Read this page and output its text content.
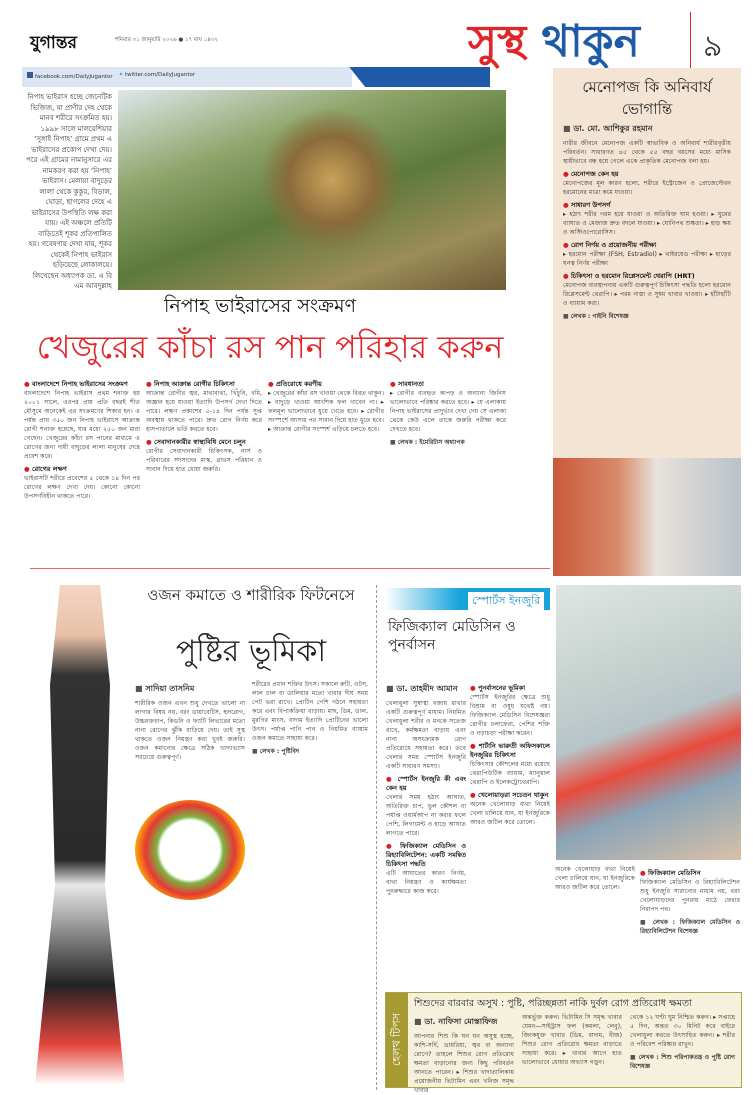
যুগান্তর	শনিবার ৩১ জানুয়ারি ২০২৬ ● ১৭ মাঘ ১৪৩২
facebook.com/DailyJugantor ✦ twitter.com/DailyJugantor
সুস্থ থাকুন ৯
নিপাহ ভাইরাস হচ্ছে জেনেটিক ভিজিজ, যা প্রাণীর দেহ থেকে মানব শরীরে সংক্রমিত হয়। ১৯৯৮ সালে মালয়েশিয়ার ‘সুঙ্গাই নিপাহ’ গ্রামে প্রথম এ ভাইরাসের প্রকোপ দেখা দেয়। পরে এই গ্রামের নামানুসারে এর নামকরণ করা হয় ‘নিপাহ’ ভাইরাস। মেলায়া বাদুড়ের লালা থেকে কুকুর, বিড়াল, ঘোড়া, ছাগলের দেহে এ ভাইরাসের উপস্থিতি লক্ষ করা যায়। এই অঞ্চলে প্রতিটি বাড়িতেই শূকর প্রতিপালিত হয়। গবেষণায় দেখা যায়, শূকর থেকেই নিপাহ ভাইরাস ছড়িয়েছে লোকালয়ে। লিখেছেন অধ্যাপক ডা. এ বি এম আবদুল্লাহ
নিপাহ ভাইরাসের সংক্রমণ
খেজুরের কাঁচা রস পান পরিহার করুন
● বাংলাদেশে নিপাহ ভাইরাসের সংক্রমণ

বাংলাদেশে নিপাহ ভাইরাস প্রথম শনাক্ত হয় ২০০১ সালে, এরপর প্রায় প্রতি বছরই শীত মৌসুমে অনেকেই এর সংক্রমণের শিকার হন। এ পর্যন্ত প্রায় ৩৫০ জন নিপাহ ভাইরাসে আক্রান্ত রোগী শনাক্ত হয়েছে, যার মধ্যে ২৫০ জন মারা গেছেন। খেজুরের কাঁচা রস পানের মাধ্যমে এ রোগের জন্য দায়ী বাদুড়ের লালা মানুষের দেহে প্রবেশ করে।

● রোগের লক্ষণ

ভাইরাসটি শরীরে প্রবেশের ৫ থেকে ১৪ দিন পর রোগের লক্ষণ দেখা দেয়। কোনো কোনো উপসর্গবিহীন থাকতে পারে।

● নিপাহ আক্রান্ত রোগীর চিকিৎসা

আক্রান্ত রোগীর জ্বর, মাথাব্যথা, খিঁচুনি, বমি, অজ্ঞান হয়ে যাওয়া ইত্যাদি উপসর্গ দেখা দিতে পারে। লক্ষণ প্রকাশের ৫-১৪ দিন পর্যন্ত সুপ্ত অবস্থায় থাকতে পারে। দ্রুত রোগ নির্ণয় করে হাসপাতালে ভর্তি করতে হবে।

● সেবাদানকারীর স্বাস্থ্যবিধি মেনে চলুন

রোগীর সেবাদানকারী চিকিৎসক, নার্স ও পরিবারের সদস্যদের মাস্ক, গ্লাভস পরিধান ও সাবান দিয়ে হাত ধোয়া জরুরি।

● প্রতিরোধে করণীয়

▸ খেজুরের কাঁচা রস খাওয়া থেকে বিরত থাকুন। ▸ বাদুড়ে খাওয়া আংশিক ফল খাবেন না। ▸ ফলমূল ভালোভাবে ধুয়ে খেতে হবে। ▸ রোগীর সংস্পর্শে আসার পর সাবান দিয়ে হাত ধুতে হবে। ▸ আক্রান্ত রোগীর সংস্পর্শ এড়িয়ে চলতে হবে।

● সাবধানতা

▸ রোগীর ব্যবহৃত কাপড় ও অন্যান্য জিনিস ভালোভাবে পরিষ্কার করতে হবে। ▸ যে এলাকায় নিপাহ ভাইরাসের প্রাদুর্ভাব দেখা দেয় সে এলাকা থেকে কেউ এলে তাকে জরুরি পরীক্ষা করে দেখতে হবে।

■ লেখক : ইমেরিটাস অধ্যাপক

মেনোপজ কি অনিবার্য ভোগান্তি
■ ডা. মো. আশিকুর রহমান

নারীর জীবনে মেনোপজ একটি স্বাভাবিক ও অনিবার্য শারীরবৃত্তীয় পরিবর্তন। সাধারণত ৪৫ থেকে ৫৫ বছর বয়সের মধ্যে মাসিক স্থায়ীভাবে বন্ধ হয়ে গেলে একে প্রাকৃতিক মেনোপজ বলা হয়।

● মেনোপজ কেন হয়

মেনোপজের মূল কারণ হলো, শরীরে ইস্ট্রোজেন ও প্রোজেস্টেরন হরমোনের মাত্রা কমে যাওয়া।

● সাধারণ উপসর্গ

▸ হঠাৎ শরীর গরম হয়ে যাওয়া ও অতিরিক্ত ঘাম হওয়া। ▸ ঘুমের ব্যাঘাত ও মেজাজ দ্রুত বদলে যাওয়া। ▸ যোনিপথ শুষ্কতা। ▸ হাড় ক্ষয় ও অস্টিওপোরোসিস।

● রোগ নির্ণয় ও প্রয়োজনীয় পরীক্ষা

▸ হরমোন পরীক্ষা (FSH, Estradiol) ▸ থাইরয়েড পরীক্ষা ▸ হাড়ের ঘনত্ব নির্ণয় পরীক্ষা

● চিকিৎসা ও হরমোন রিপ্লেসমেন্ট থেরাপি (HRT)

মেনোপজ ব্যবস্থাপনায় একটি গুরুত্বপূর্ণ চিকিৎসা পদ্ধতি হলো হরমোন রিপ্লেসমেন্ট থেরাপি। ▸ পরম নাস্তা ও সুষম খাবার খাওয়া। ▸ হাঁটাহাঁটি ও ব্যায়াম করা।

■ লেখক : গাইনি বিশেষজ্ঞ

ওজন কমাতে ও শারীরিক ফিটনেসে
পুষ্টির ভূমিকা
■ সাদিয়া তাসনিম

শারীরিক ওজন এখন শুধু দেখতে ভালো না লাগার বিষয় নয়, বরং ডায়াবেটিস, হৃদরোগ, উচ্চরক্তচাপ, কিডনি ও ফ্যাটি লিভারের মতো নানা রোগের ঝুঁকি বাড়িয়ে দেয়। তাই সুস্থ থাকতে ওজন নিয়ন্ত্রণ করা খুবই জরুরি। ওজন কমানোর ক্ষেত্রে সঠিক খাদ্যাভ্যাস সবচেয়ে গুরুত্বপূর্ণ।

শরীরের প্রধান শক্তির উৎস। সকালে রুটি, ওটস, লাল চাল বা ডালিয়ার মতো খাবার দীর্ঘ সময় পেট ভরা রাখে। প্রোটিন পেশি গঠনে সহায়তা করে এবং বিপাকক্রিয়া বাড়ায়। মাছ, ডিম, ডাল, মুরগির মাংস, বাদাম ইত্যাদি প্রোটিনের ভালো উৎস। পর্যাপ্ত পানি পান ও নিয়মিত ব্যায়াম ওজন কমাতে সাহায্য করে।

■ লেখক : পুষ্টিবিদ

স্পোর্টস ইনজুরি
ফিজিক্যাল মেডিসিন ও পুনর্বাসন
■ ডা. তাহমীদ আমান

খেলাধুলা সুস্বাস্থ্য বজায় রাখার একটি গুরুত্বপূর্ণ মাধ্যম। নিয়মিত খেলাধুলা শরীর ও মনকে সতেজ রাখে, কর্মক্ষমতা বাড়ায় এবং নানা অসংক্রামক রোগ প্রতিরোধে সহায়তা করে। তবে খেলার সময় স্পোর্টস ইনজুরি একটি সাধারণ সমস্যা।

● স্পোর্টস ইনজুরি কী এবং কেন হয়

খেলার সময় হঠাৎ আঘাত, অতিরিক্ত চাপ, ভুল কৌশল বা পর্যাপ্ত ওয়ার্মআপ না করার ফলে পেশি, লিগামেন্ট ও হাড়ে আঘাত লাগতে পারে।

● ফিজিক্যাল মেডিসিন ও রিহ্যাবিলিটেশন: একটি সমন্বিত চিকিৎসা পদ্ধতি

এটি আঘাতের কারণ নির্ণয়, ব্যথা নিয়ন্ত্রণ ও কার্যক্ষমতা পুনরুদ্ধারে কাজ করে।

● পুনর্বাসনের ভূমিকা

স্পোর্টস ইনজুরির ক্ষেত্রে শুধু বিশ্রাম বা ওষুধ যথেষ্ট নয়। ফিজিক্যাল মেডিসিন বিশেষজ্ঞরা রোগীর চলাফেরা, পেশির শক্তি ও নড়াচড়া পরীক্ষা করেন।

● শার্টানি ভারুতী অফিসকালে ইনজুরির চিকিৎসা

চিকিৎসার কৌশলের মধ্যে রয়েছে থেরাপিউটিক ব্যায়াম, ম্যানুয়াল থেরাপি ও ইলেকট্রোথেরাপি।

● খেলোয়াড়রা সচেতন থাকুন

অনেক খেলোয়াড় ব্যথা নিয়েই খেলা চালিয়ে যান, যা ইনজুরিকে আরও জটিল করে তোলে।

অনেক খেলোয়াড় ব্যথা নিয়েই খেলা চালিয়ে যান, যা ইনজুরিকে আরও জটিল করে তোলে।

● ফিজিক্যাল মেডিসিন

ফিজিক্যাল মেডিসিন ও রিহ্যাবিলিটেশন শুধু ইনজুরি সারানোর মাধ্যম নয়, বরং খেলোয়াড়দের পুনরায় মাঠে ফেরার নিরাপদ পথ।

■ লেখক : ফিজিক্যাল মেডিসিন ও রিহ্যাবিলিটেশন বিশেষজ্ঞ

হেলথ টিপস
শিশুদের বারবার অসুখ : পুষ্টি, পরিচ্ছন্নতা নাকি দুর্বল রোগ প্রতিরোধ ক্ষমতা
■ ডা. নাফিসা মোস্তাফিজ

আপনার শিশু কি ঘন ঘন অসুস্থ হচ্ছে, কাশি-সর্দি, ডায়রিয়া, জ্বর বা অন্যান্য রোগে? তাহলে শিশুর রোগ প্রতিরোধ ক্ষমতা বাড়ানোর জন্য কিছু পরিবর্তন আনতে পারেন। ▸ শিশুর খাদ্যতালিকায় প্রয়োজনীয় ভিটামিন এবং খনিজ সমৃদ্ধ খাবার

অন্তর্ভুক্ত করুন। ভিটামিন সি সমৃদ্ধ খাবার যেমন—সাইট্রাস ফল (কমলা, লেবু), জিংকযুক্ত খাবার (ডিম, বাদাম, বীজ) শিশুর রোগ প্রতিরোধ ক্ষমতা বাড়াতে সাহায্য করে। ▸ খাবার আগে হাত ভালোভাবে ধোয়ার অভ্যাস গড়ুন।

থেকে ১২ ঘণ্টা ঘুম নিশ্চিত করুন। ▸ সপ্তাহে ৫ দিন, অন্তত ৩০ মিনিট করে বাইরে খেলাধুলা করতে উৎসাহিত করুন। ▸ শরীর ও পরিবেশ পরিষ্কার রাখুন।

■ লেখক : শিশু পরিপাকতন্ত্র ও পুষ্টি রোগ বিশেষজ্ঞ
